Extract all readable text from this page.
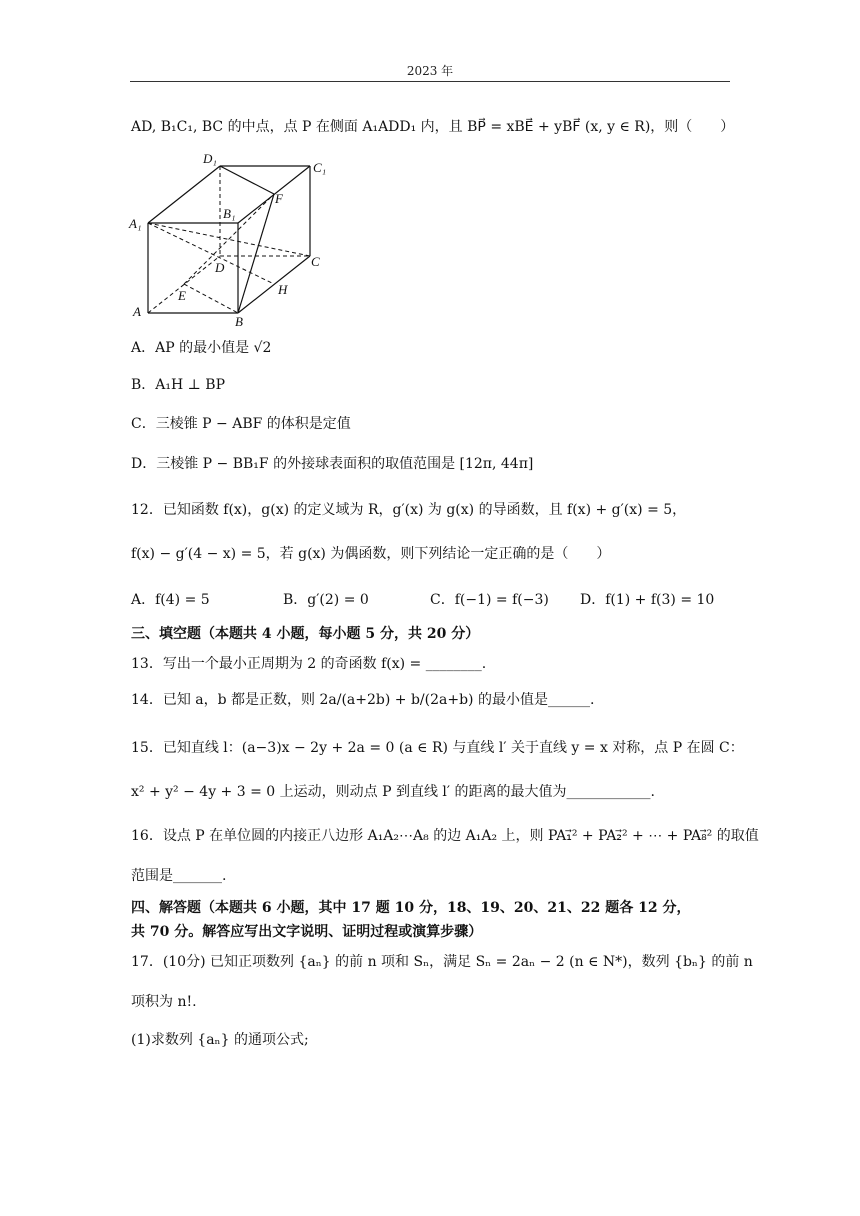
2023 年
AD, B₁C₁, BC 的中点，点 P 在侧面 A₁ADD₁ 内，且 BP⃗ = xBE⃗ + yBF⃗ (x, y ∈ R)，则（　　）
D₁
C₁
A₁
B₁
F
D	C
E	H
A
B
A．AP 的最小值是 √2
B．A₁H ⊥ BP
C．三棱锥 P − ABF 的体积是定值
D．三棱锥 P − BB₁F 的外接球表面积的取值范围是 [12π, 44π]
12．已知函数 f(x)，g(x) 的定义域为 R，g′(x) 为 g(x) 的导函数，且 f(x) + g′(x) = 5，
f(x) − g′(4 − x) = 5，若 g(x) 为偶函数，则下列结论一定正确的是（　　）
A．f(4) = 5	B．g′(2) = 0	C．f(−1) = f(−3) D．f(1) + f(3) = 10
三、填空题（本题共 4 小题，每小题 5 分，共 20 分）
13．写出一个最小正周期为 2 的奇函数 f(x) = ________.
14．已知 a，b 都是正数，则 2a/(a+2b) + b/(2a+b) 的最小值是______.
15．已知直线 l：(a−3)x − 2y + 2a = 0 (a ∈ R) 与直线 l′ 关于直线 y = x 对称，点 P 在圆 C：
x² + y² − 4y + 3 = 0 上运动，则动点 P 到直线 l′ 的距离的最大值为____________.
16．设点 P 在单位圆的内接正八边形 A₁A₂⋯A₈ 的边 A₁A₂ 上，则 PA₁⃗² + PA₂⃗² + ⋯ + PA₈⃗² 的取值
范围是_______.
四、解答题（本题共 6 小题，其中 17 题 10 分，18、19、20、21、22 题各 12 分，
共 70 分。解答应写出文字说明、证明过程或演算步骤）
17．(10分) 已知正项数列 {aₙ} 的前 n 项和 Sₙ，满足 Sₙ = 2aₙ − 2 (n ∈ N*)，数列 {bₙ} 的前 n
项积为 n!.
(1)求数列 {aₙ} 的通项公式;
